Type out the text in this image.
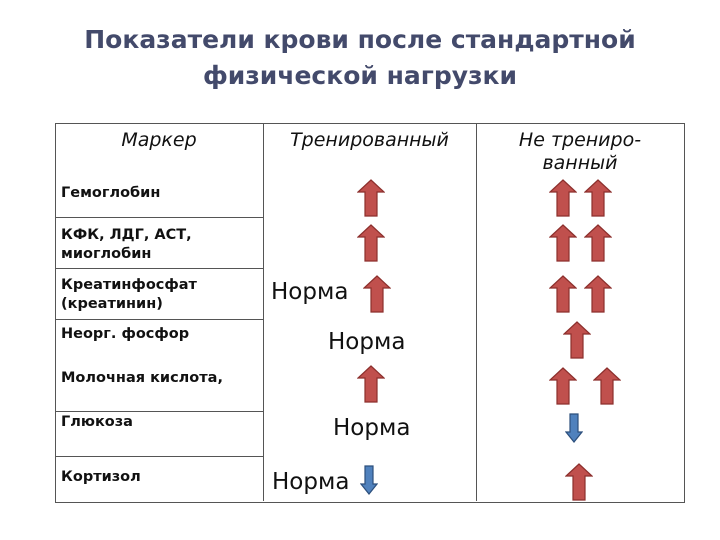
Показатели крови после стандартной
физической нагрузки
Маркер	Тренированный	Не трениро-
ванный
Гемоглобин
КФК, ЛДГ, АСТ,
миоглобин
Креатинфосфат
(креатинин)
Неорг. фосфор
Молочная кислота,
Глюкоза
Кортизол
Норма
Норма
Норма
Норма
